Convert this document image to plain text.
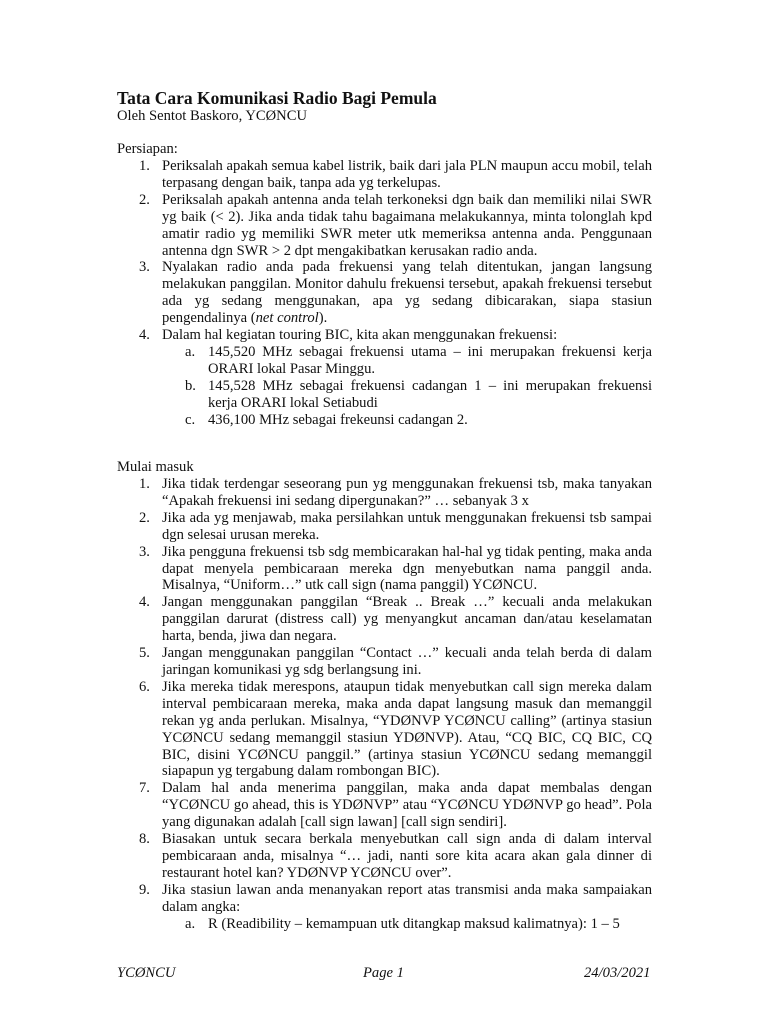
Tata Cara Komunikasi Radio Bagi Pemula
Oleh Sentot Baskoro, YCØNCU
Persiapan:
1. Periksalah apakah semua kabel listrik, baik dari jala PLN maupun accu mobil, telah terpasang dengan baik, tanpa ada yg terkelupas.
2. Periksalah apakah antenna anda telah terkoneksi dgn baik dan memiliki nilai SWR yg baik (< 2). Jika anda tidak tahu bagaimana melakukannya, minta tolonglah kpd amatir radio yg memiliki SWR meter utk memeriksa antenna anda. Penggunaan antenna dgn SWR > 2 dpt mengakibatkan kerusakan radio anda.
3. Nyalakan radio anda pada frekuensi yang telah ditentukan, jangan langsung melakukan panggilan. Monitor dahulu frekuensi tersebut, apakah frekuensi tersebut ada yg sedang menggunakan, apa yg sedang dibicarakan, siapa stasiun pengendalinya (net control).
4. Dalam hal kegiatan touring BIC, kita akan menggunakan frekuensi:
a. 145,520 MHz sebagai frekuensi utama – ini merupakan frekuensi kerja ORARI lokal Pasar Minggu.
b. 145,528 MHz sebagai frekuensi cadangan 1 – ini merupakan frekuensi kerja ORARI lokal Setiabudi
c. 436,100 MHz sebagai frekeunsi cadangan 2.
Mulai masuk
1. Jika tidak terdengar seseorang pun yg menggunakan frekuensi tsb, maka tanyakan “Apakah frekuensi ini sedang dipergunakan?” … sebanyak 3 x
2. Jika ada yg menjawab, maka persilahkan untuk menggunakan frekuensi tsb sampai dgn selesai urusan mereka.
3. Jika pengguna frekuensi tsb sdg membicarakan hal-hal yg tidak penting, maka anda dapat menyela pembicaraan mereka dgn menyebutkan nama panggil anda. Misalnya, “Uniform…” utk call sign (nama panggil) YCØNCU.
4. Jangan menggunakan panggilan “Break .. Break …” kecuali anda melakukan panggilan darurat (distress call) yg menyangkut ancaman dan/atau keselamatan harta, benda, jiwa dan negara.
5. Jangan menggunakan panggilan “Contact …” kecuali anda telah berda di dalam jaringan komunikasi yg sdg berlangsung ini.
6. Jika mereka tidak merespons, ataupun tidak menyebutkan call sign mereka dalam interval pembicaraan mereka, maka anda dapat langsung masuk dan memanggil rekan yg anda perlukan. Misalnya, “YDØNVP YCØNCU calling” (artinya stasiun YCØNCU sedang memanggil stasiun YDØNVP). Atau, “CQ BIC, CQ BIC, CQ BIC, disini YCØNCU panggil.” (artinya stasiun YCØNCU sedang memanggil siapapun yg tergabung dalam rombongan BIC).
7. Dalam hal anda menerima panggilan, maka anda dapat membalas dengan “YCØNCU go ahead, this is YDØNVP” atau “YCØNCU YDØNVP go head”. Pola yang digunakan adalah [call sign lawan] [call sign sendiri].
8. Biasakan untuk secara berkala menyebutkan call sign anda di dalam interval pembicaraan anda, misalnya “… jadi, nanti sore kita acara akan gala dinner di restaurant hotel kan? YDØNVP YCØNCU over”.
9. Jika stasiun lawan anda menanyakan report atas transmisi anda maka sampaiakan dalam angka:
a. R (Readibility – kemampuan utk ditangkap maksud kalimatnya): 1 – 5
YCØNCU	Page 1	24/03/2021
